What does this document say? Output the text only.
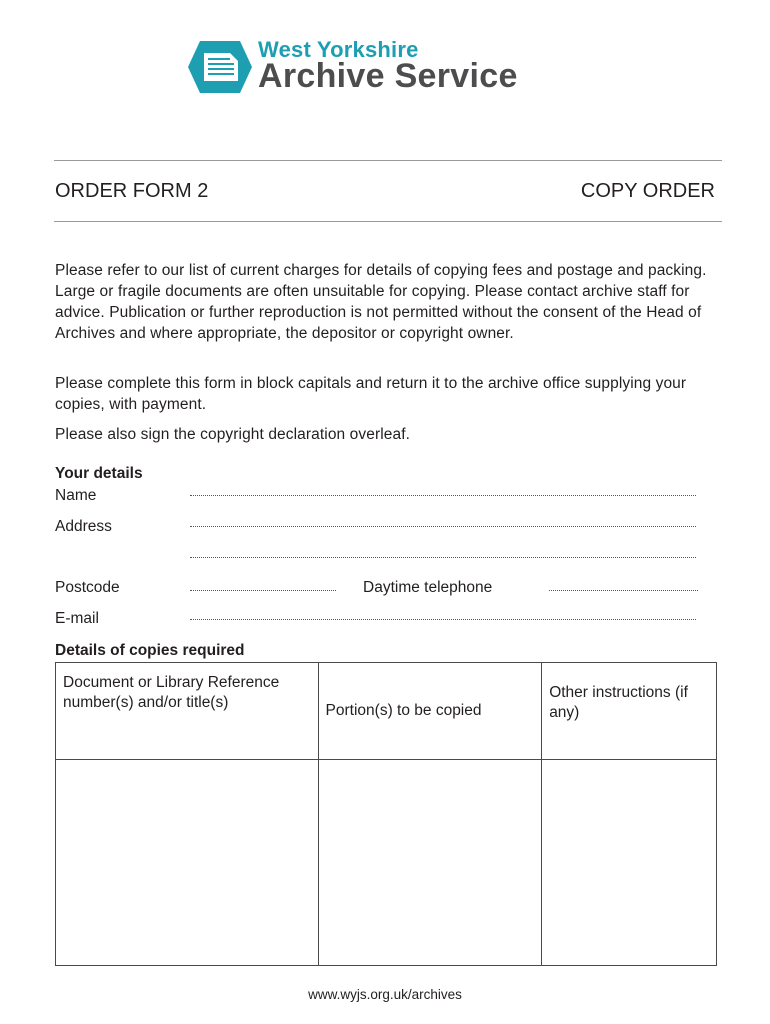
West Yorkshire
Archive Service
ORDER FORM 2	COPY ORDER
Please refer to our list of current charges for details of copying fees and postage and packing. Large or fragile documents are often unsuitable for copying. Please contact archive staff for advice. Publication or further reproduction is not permitted without the consent of the Head of Archives and where appropriate, the depositor or copyright owner.
Please complete this form in block capitals and return it to the archive office supplying your copies, with payment.
Please also sign the copyright declaration overleaf.
Your details
Name
Address
Postcode	Daytime telephone
E-mail
Details of copies required
Document or Library Reference number(s) and/or title(s)	Portion(s) to be copied	Other instructions (if any)

www.wyjs.org.uk/archives
